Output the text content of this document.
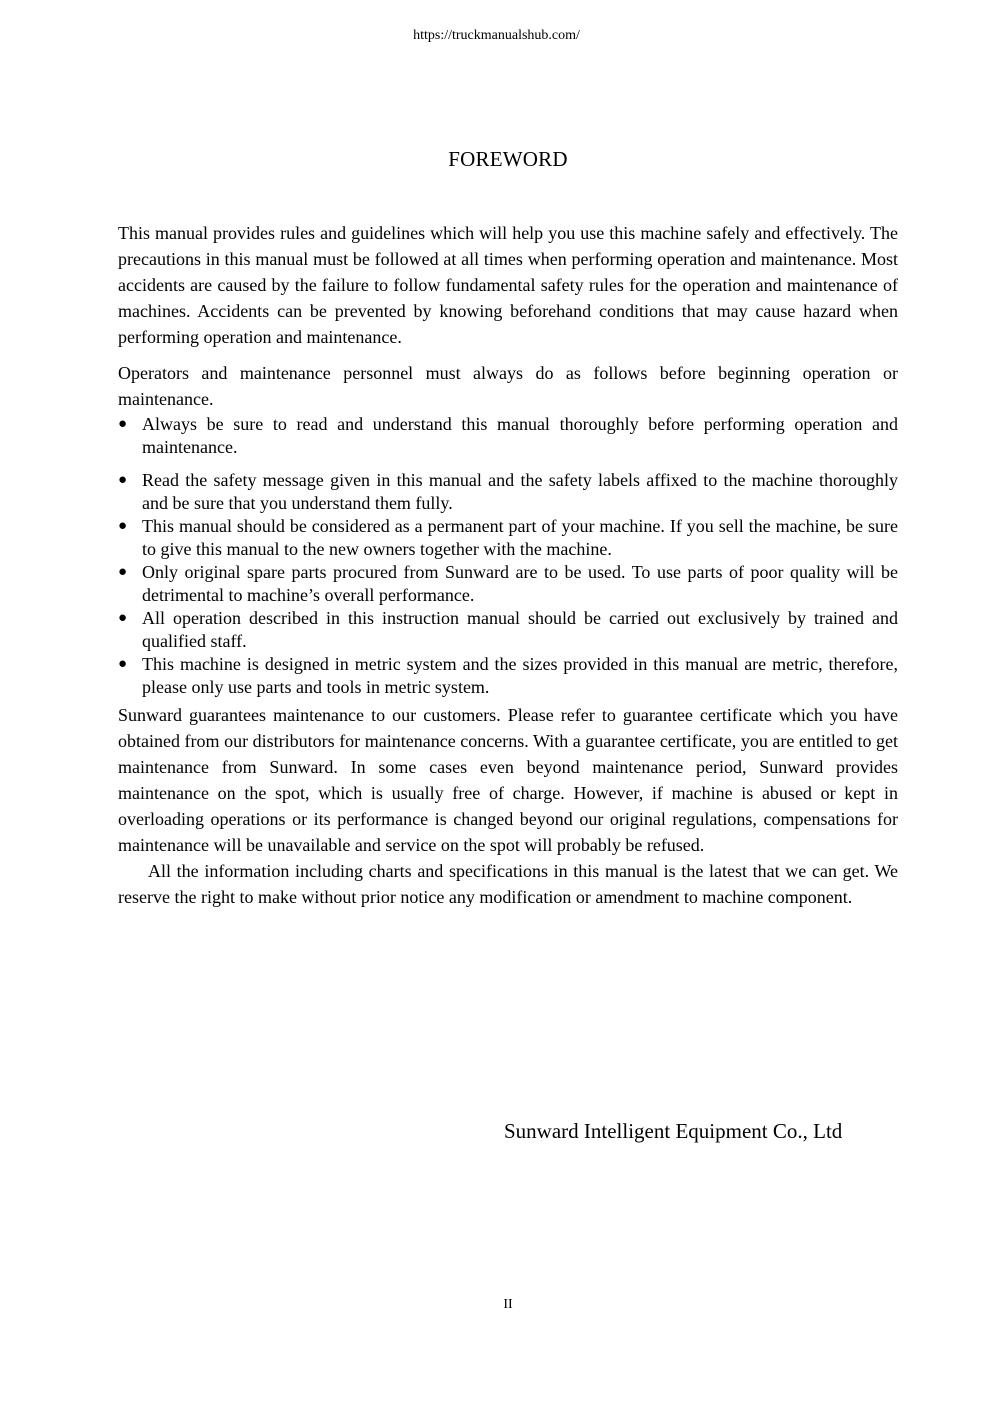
https://truckmanualshub.com/
FOREWORD

This manual provides rules and guidelines which will help you use this machine safely and effectively. The precautions in this manual must be followed at all times when performing operation and maintenance. Most accidents are caused by the failure to follow fundamental safety rules for the operation and maintenance of machines. Accidents can be prevented by knowing beforehand conditions that may cause hazard when performing operation and maintenance.

Operators and maintenance personnel must always do as follows before beginning operation or maintenance.

● Always be sure to read and understand this manual thoroughly before performing operation and maintenance.
● Read the safety message given in this manual and the safety labels affixed to the machine thoroughly and be sure that you understand them fully.
● This manual should be considered as a permanent part of your machine. If you sell the machine, be sure to give this manual to the new owners together with the machine.
● Only original spare parts procured from Sunward are to be used. To use parts of poor quality will be detrimental to machine’s overall performance.
● All operation described in this instruction manual should be carried out exclusively by trained and qualified staff.
● This machine is designed in metric system and the sizes provided in this manual are metric, therefore, please only use parts and tools in metric system.

Sunward guarantees maintenance to our customers. Please refer to guarantee certificate which you have obtained from our distributors for maintenance concerns. With a guarantee certificate, you are entitled to get maintenance from Sunward. In some cases even beyond maintenance period, Sunward provides maintenance on the spot, which is usually free of charge. However, if machine is abused or kept in overloading operations or its performance is changed beyond our original regulations, compensations for maintenance will be unavailable and service on the spot will probably be refused.

All the information including charts and specifications in this manual is the latest that we can get. We reserve the right to make without prior notice any modification or amendment to machine component.

Sunward Intelligent Equipment Co., Ltd
II
